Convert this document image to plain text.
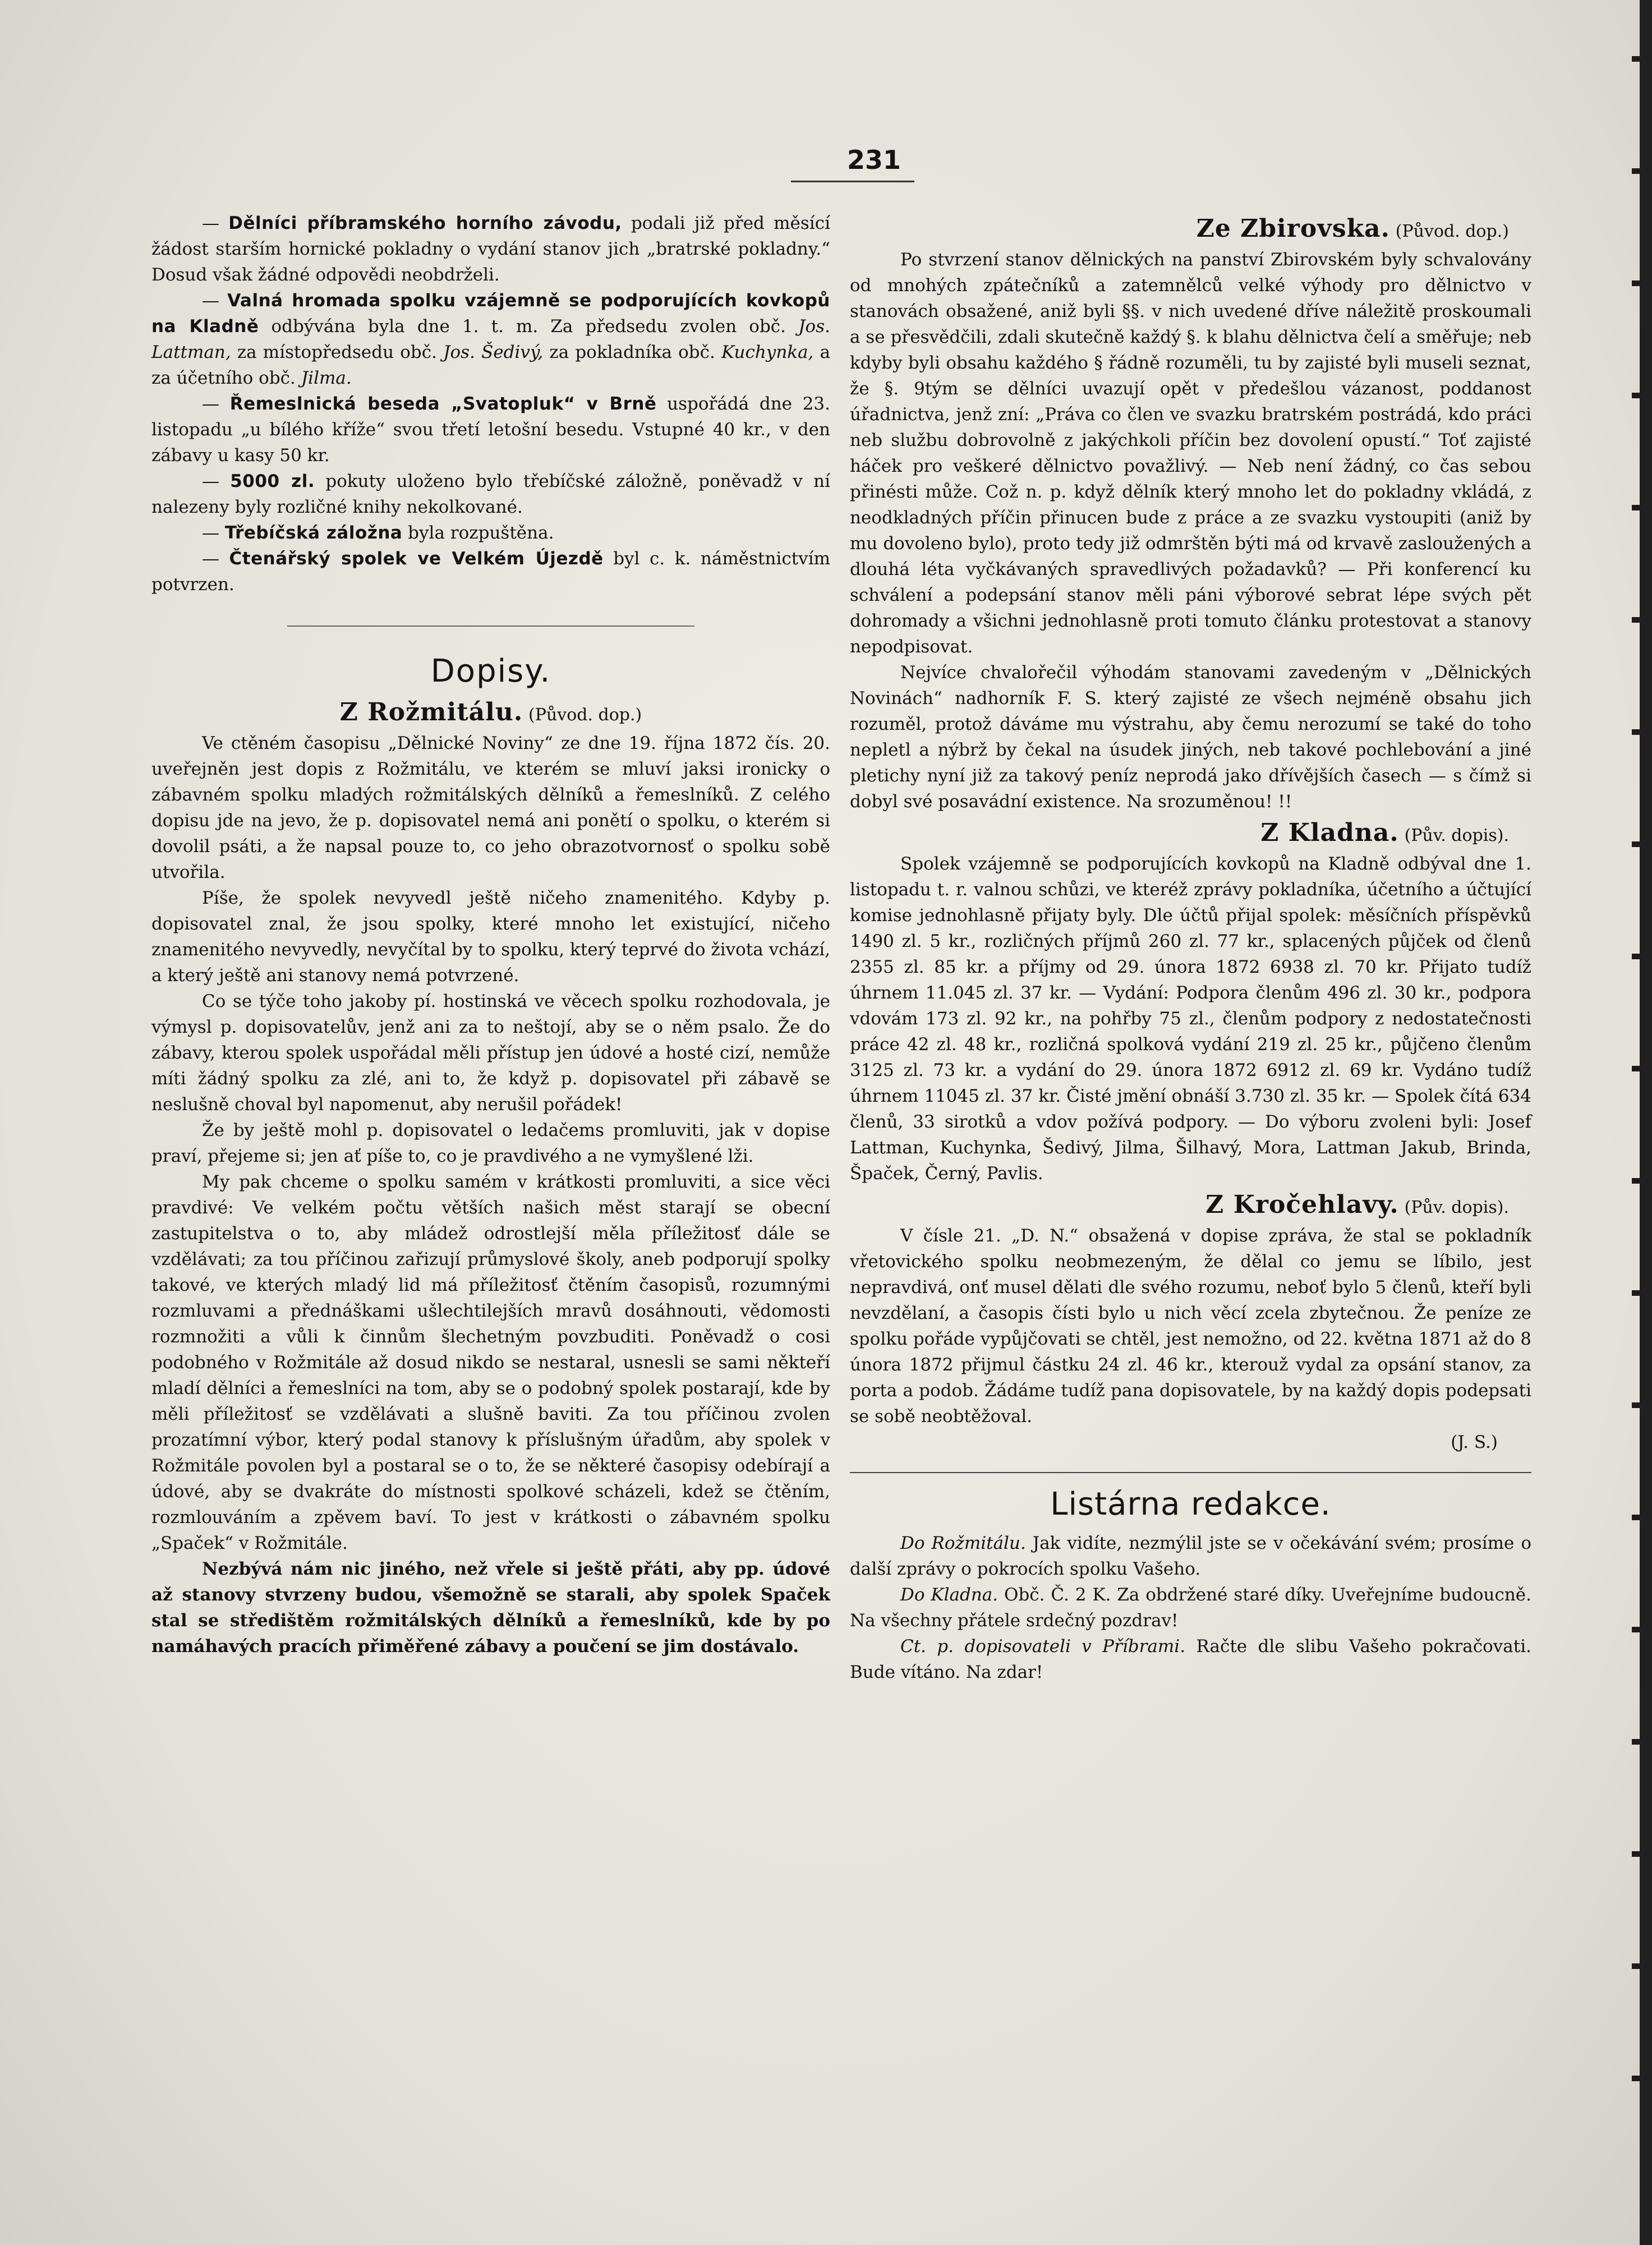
231

— Dělníci příbramského horního závodu, podali již před měsící žádost starším hornické pokladny o vydání stanov jich „bratrské pokladny.“ Dosud však žádné odpovědi neobdrželi.

— Valná hromada spolku vzájemně se podporujících kovkopů na Kladně odbývána byla dne 1. t. m. Za předsedu zvolen obč. Jos. Lattman, za místopředsedu obč. Jos. Šedivý, za pokladníka obč. Kuchynka, a za účetního obč. Jilma.

— Řemeslnická beseda „Svatopluk“ v Brně uspořádá dne 23. listopadu „u bílého kříže“ svou třetí letošní besedu. Vstupné 40 kr., v den zábavy u kasy 50 kr.

— 5000 zl. pokuty uloženo bylo třebíčské záložně, poněvadž v ní nalezeny byly rozličné knihy nekolkované.

— Třebíčská záložna byla rozpuštěna.

— Čtenářský spolek ve Velkém Újezdě byl c. k. náměstnictvím potvrzen.

Dopisy.
Z Rožmitálu. (Původ. dop.)

Ve ctěném časopisu „Dělnické Noviny“ ze dne 19. října 1872 čís. 20. uveřejněn jest dopis z Rožmitálu, ve kterém se mluví jaksi ironicky o zábavném spolku mladých rožmitálských dělníků a řemeslníků. Z celého dopisu jde na jevo, že p. dopisovatel nemá ani ponětí o spolku, o kterém si dovolil psáti, a že napsal pouze to, co jeho obrazotvornosť o spolku sobě utvořila.

Píše, že spolek nevyvedl ještě ničeho znamenitého. Kdyby p. dopisovatel znal, že jsou spolky, které mnoho let existující, ničeho znamenitého nevyvedly, nevyčítal by to spolku, který teprvé do života vchází, a který ještě ani stanovy nemá potvrzené.

Co se týče toho jakoby pí. hostinská ve věcech spolku rozhodovala, je výmysl p. dopisovatelův, jenž ani za to neštojí, aby se o něm psalo. Že do zábavy, kterou spolek uspořádal měli přístup jen údové a hosté cizí, nemůže míti žádný spolku za zlé, ani to, že když p. dopisovatel při zábavě se neslušně choval byl napomenut, aby nerušil pořádek!

Že by ještě mohl p. dopisovatel o ledačems promluviti, jak v dopise praví, přejeme si; jen ať píše to, co je pravdivého a ne vymyšlené lži.

My pak chceme o spolku samém v krátkosti promluviti, a sice věci pravdivé: Ve velkém počtu větších našich měst starají se obecní zastupitelstva o to, aby mládež odrostlejší měla příležitosť dále se vzdělávati; za tou příčinou zařizují průmyslové školy, aneb podporují spolky takové, ve kterých mladý lid má příležitosť čtěním časopisů, rozumnými rozmluvami a přednáškami ušlechtilejších mravů dosáhnouti, vědomosti rozmnožiti a vůli k činnům šlechetným povzbuditi. Poněvadž o cosi podobného v Rožmitále až dosud nikdo se nestaral, usnesli se sami někteří mladí dělníci a řemeslníci na tom, aby se o podobný spolek postarají, kde by měli příležitosť se vzdělávati a slušně baviti. Za tou příčinou zvolen prozatímní výbor, který podal stanovy k příslušným úřadům, aby spolek v Rožmitále povolen byl a postaral se o to, že se některé časopisy odebírají a údové, aby se dvakráte do místnosti spolkové scházeli, kdež se čtěním, rozmlouváním a zpěvem baví. To jest v krátkosti o zábavném spolku „Spaček“ v Rožmitále.

Nezbývá nám nic jiného, než vřele si ještě přáti, aby pp. údové až stanovy stvrzeny budou, všemožně se starali, aby spolek Spaček stal se středištěm rožmitálských dělníků a řemeslníků, kde by po namáhavých pracích přiměřené zábavy a poučení se jim dostávalo.

Ze Zbirovska. (Původ. dop.)

Po stvrzení stanov dělnických na panství Zbirovském byly schvalovány od mnohých zpátečníků a zatemnělců velké výhody pro dělnictvo v stanovách obsažené, aniž byli §§. v nich uvedené dříve náležitě proskoumali a se přesvědčili, zdali skutečně každý §. k blahu dělnictva čelí a směřuje; neb kdyby byli obsahu každého § řádně rozuměli, tu by zajisté byli museli seznat, že §. 9tým se dělníci uvazují opět v předešlou vázanost, poddanost úřadnictva, jenž zní: „Práva co člen ve svazku bratrském postrádá, kdo práci neb službu dobrovolně z jakýchkoli příčin bez dovolení opustí.“ Toť zajisté háček pro veškeré dělnictvo považlivý. — Neb není žádný, co čas sebou přinésti může. Což n. p. když dělník který mnoho let do pokladny vkládá, z neodkladných příčin přinucen bude z práce a ze svazku vystoupiti (aniž by mu dovoleno bylo), proto tedy již odmrštěn býti má od krvavě zasloužených a dlouhá léta vyčkávaných spravedlivých požadavků? — Při konferencí ku schválení a podepsání stanov měli páni výborové sebrat lépe svých pět dohromady a všichni jednohlasně proti tomuto článku protestovat a stanovy nepodpisovat.

Nejvíce chvalořečil výhodám stanovami zavedeným v „Dělnických Novinách“ nadhorník F. S. který zajisté ze všech nejméně obsahu jich rozuměl, protož dáváme mu výstrahu, aby čemu nerozumí se také do toho nepletl a nýbrž by čekal na úsudek jiných, neb takové pochlebování a jiné pletichy nyní již za takový peníz neprodá jako dřívějších časech — s čímž si dobyl své posavádní existence. Na srozuměnou! !!

Z Kladna. (Pův. dopis).

Spolek vzájemně se podporujících kovkopů na Kladně odbýval dne 1. listopadu t. r. valnou schůzi, ve kteréž zprávy pokladníka, účetního a účtující komise jednohlasně přijaty byly. Dle účtů přijal spolek: měsíčních příspěvků 1490 zl. 5 kr., rozličných příjmů 260 zl. 77 kr., splacených půjček od členů 2355 zl. 85 kr. a příjmy od 29. února 1872 6938 zl. 70 kr. Přijato tudíž úhrnem 11.045 zl. 37 kr. — Vydání: Podpora členům 496 zl. 30 kr., podpora vdovám 173 zl. 92 kr., na pohřby 75 zl., členům podpory z nedostatečnosti práce 42 zl. 48 kr., rozličná spolková vydání 219 zl. 25 kr., půjčeno členům 3125 zl. 73 kr. a vydání do 29. února 1872 6912 zl. 69 kr. Vydáno tudíž úhrnem 11045 zl. 37 kr. Čisté jmění obnáší 3.730 zl. 35 kr. — Spolek čítá 634 členů, 33 sirotků a vdov požívá podpory. — Do výboru zvoleni byli: Josef Lattman, Kuchynka, Šedivý, Jilma, Šilhavý, Mora, Lattman Jakub, Brinda, Špaček, Černý, Pavlis.

Z Kročehlavy. (Pův. dopis).

V čísle 21. „D. N.“ obsažená v dopise zpráva, že stal se pokladník vřetovického spolku neobmezeným, že dělal co jemu se líbilo, jest nepravdivá, onť musel dělati dle svého rozumu, neboť bylo 5 členů, kteří byli nevzdělaní, a časopis čísti bylo u nich věcí zcela zbytečnou. Že peníze ze spolku pořáde vypůjčovati se chtěl, jest nemožno, od 22. května 1871 až do 8 února 1872 přijmul částku 24 zl. 46 kr., kterouž vydal za opsání stanov, za porta a podob. Žádáme tudíž pana dopisovatele, by na každý dopis podepsati se sobě neobtěžoval.

(J. S.)

Listárna redakce.

Do Rožmitálu. Jak vidíte, nezmýlil jste se v očekávání svém; prosíme o další zprávy o pokrocích spolku Vašeho.

Do Kladna. Obč. Č. 2 K. Za obdržené staré díky. Uveřejníme budoucně. Na všechny přátele srdečný pozdrav!

Ct. p. dopisovateli v Příbrami. Račte dle slibu Vašeho pokračovati. Bude vítáno. Na zdar!
